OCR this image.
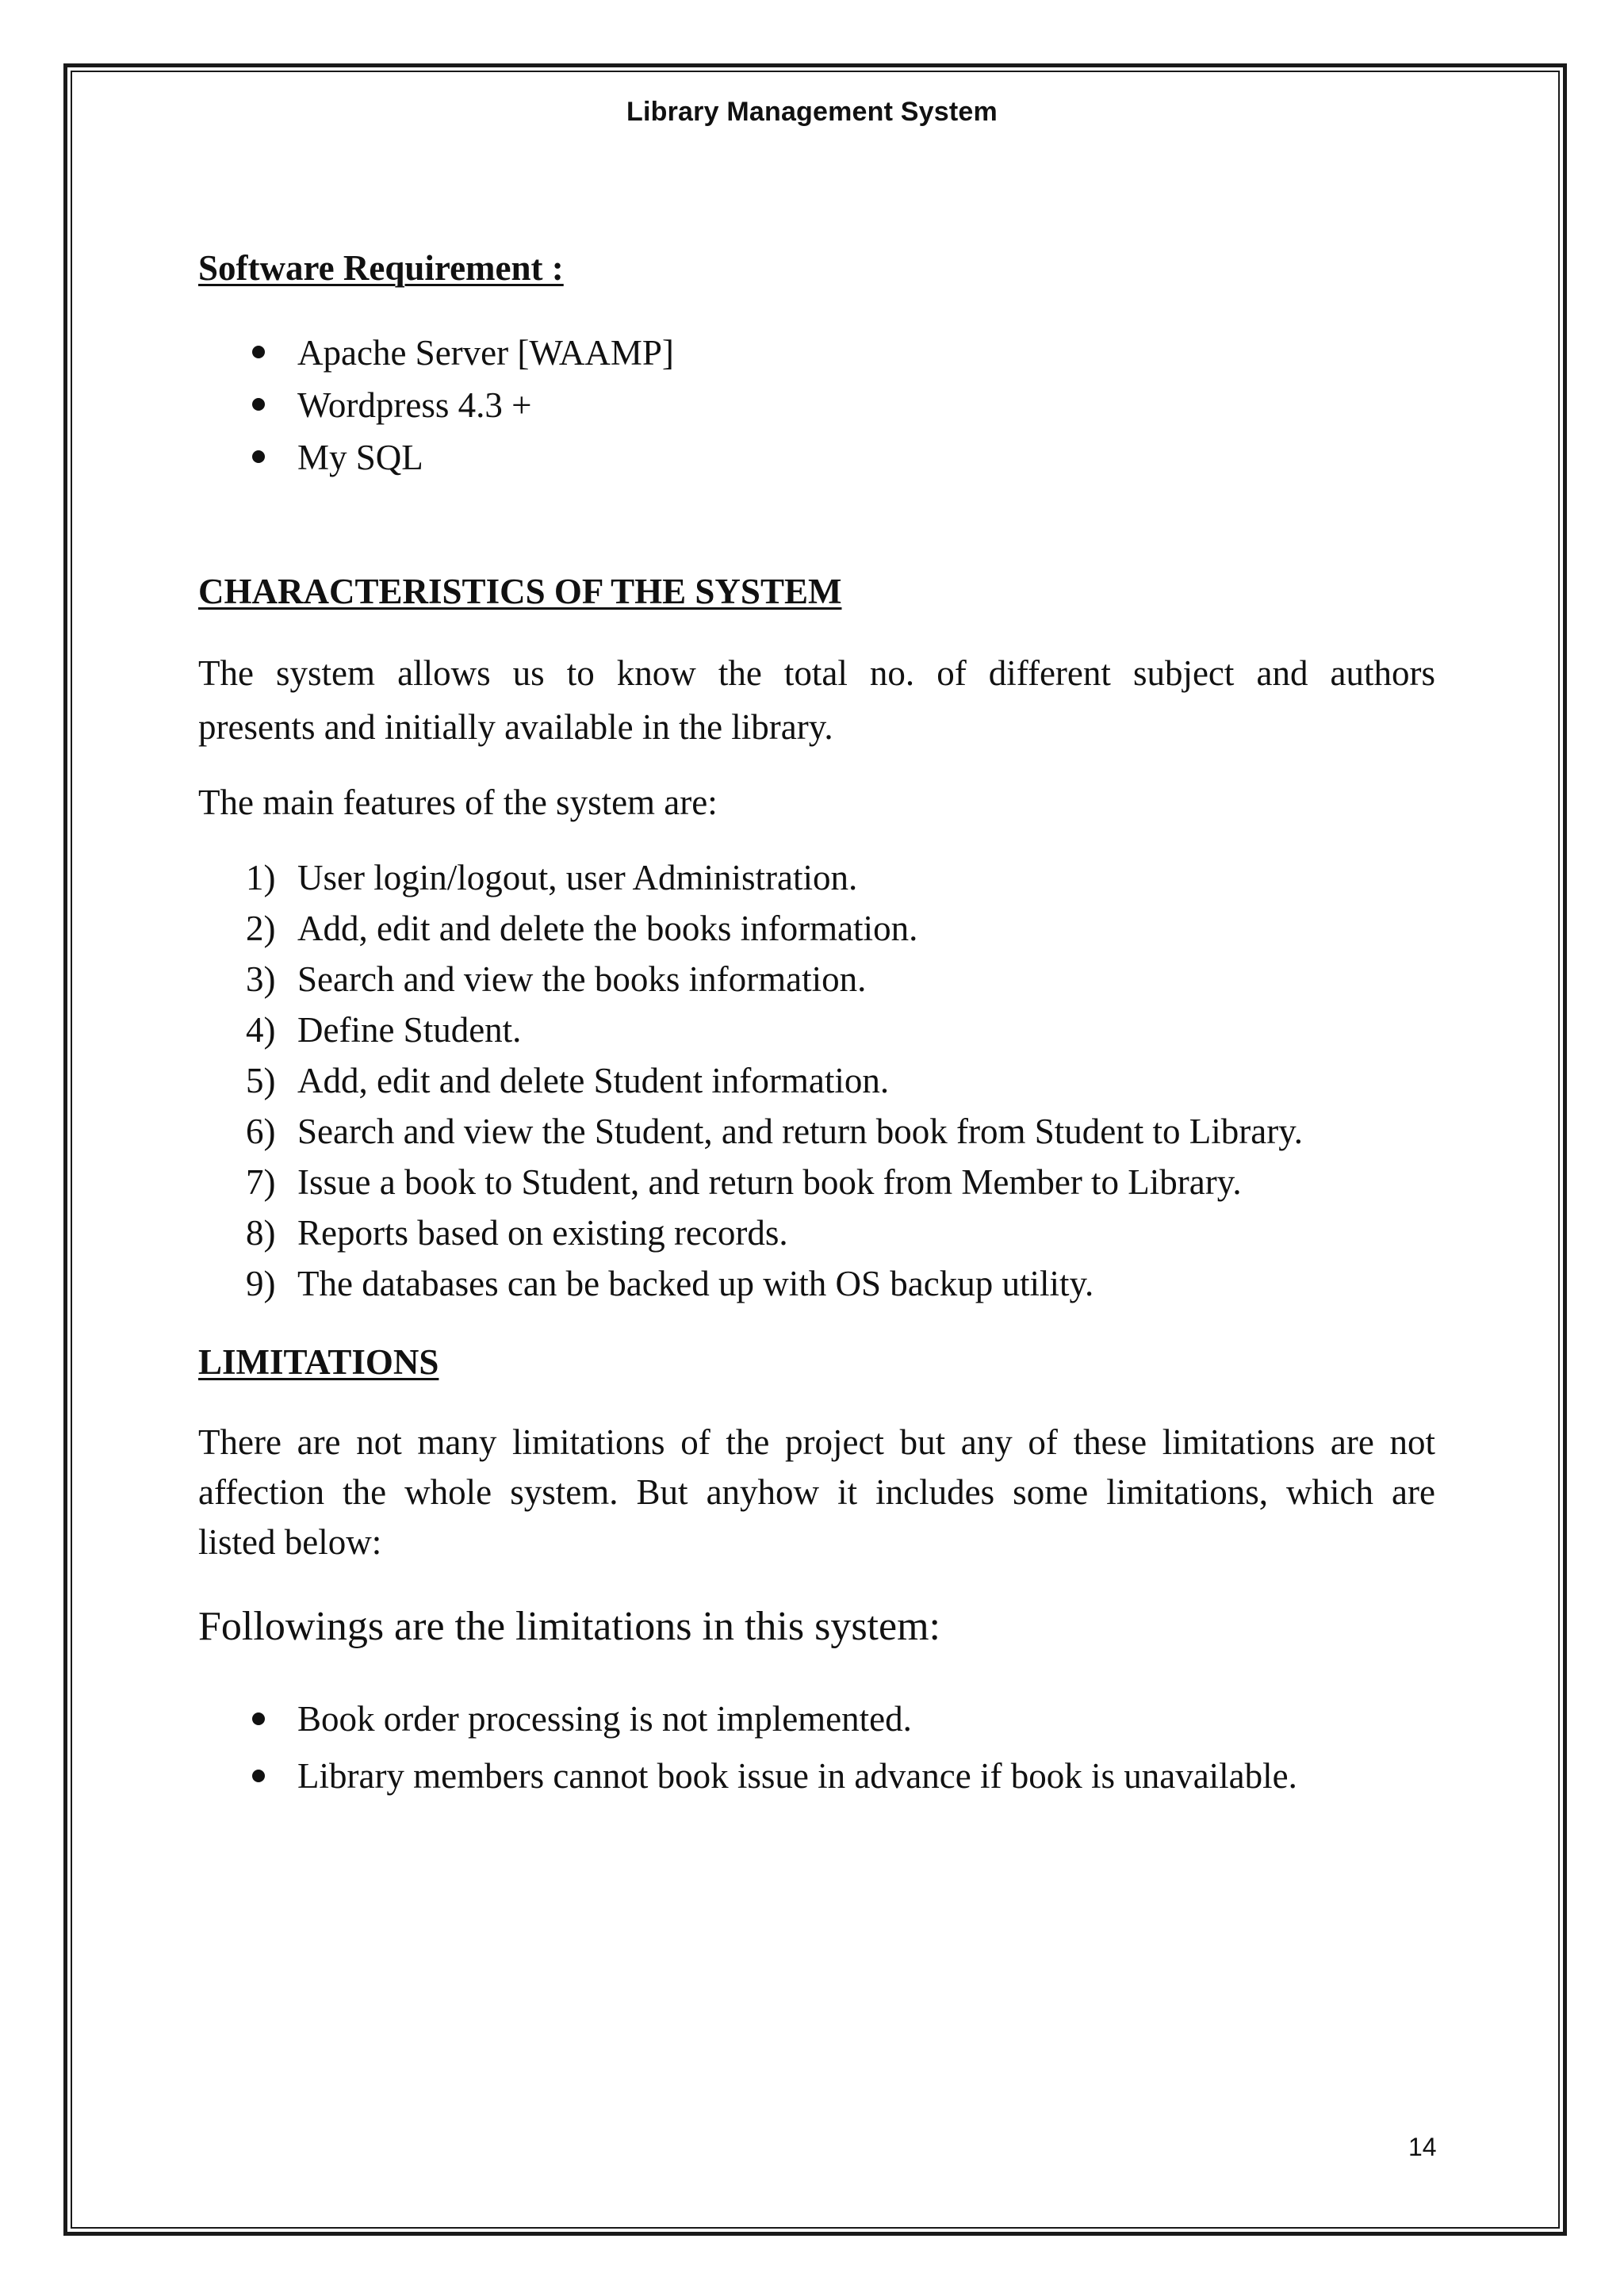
Library Management System
Software Requirement :
Apache Server [WAAMP]
Wordpress 4.3 +
My SQL
CHARACTERISTICS OF THE SYSTEM
The system allows us to know the total no. of different subject and authors
presents and initially available in the library.
The main features of the system are:
1) User login/logout, user Administration.
2) Add, edit and delete the books information.
3) Search and view the books information.
4) Define Student.
5) Add, edit and delete Student information.
6) Search and view the Student, and return book from Student to Library.
7) Issue a book to Student, and return book from Member to Library.
8) Reports based on existing records.
9) The databases can be backed up with OS backup utility.
LIMITATIONS
There are not many limitations of the project but any of these limitations are not
affection the whole system. But anyhow it includes some limitations, which are
listed below:
Followings are the limitations in this system:
Book order processing is not implemented.
Library members cannot book issue in advance if book is unavailable.
14
